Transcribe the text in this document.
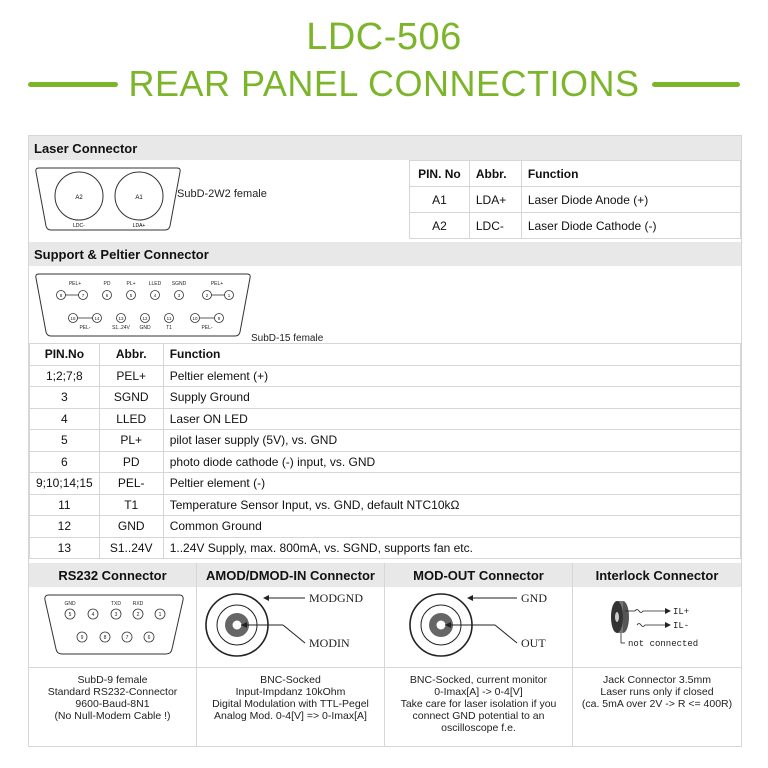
LDC-506
REAR PANEL CONNECTIONS
Laser Connector
A2	A1
LDC-	LDA+
SubD-2W2 female
PIN. No	Abbr.	Function
A1	LDA+	Laser Diode Anode (+)
A2	LDC-	Laser Diode Cathode (-)
Support & Peltier Connector
PEL+	PD	PL+	LLED SGND	PEL+
8	7	6	5	4	3	2	1
15	14	13	12	11	10	9
PEL-	S1..24V GND	T1	PEL-
SubD-15 female
PIN.No	Abbr.	Function
1;2;7;8	PEL+	Peltier element (+)
3	SGND	Supply Ground
4	LLED	Laser ON LED
5	PL+	pilot laser supply (5V), vs. GND
6	PD	photo diode cathode (-) input, vs. GND
9;10;14;15	PEL-	Peltier element (-)
11	T1	Temperature Sensor Input, vs. GND, default NTC10kΩ
12	GND	Common Ground
13	S1..24V	1..24V Supply, max. 800mA, vs. SGND, supports fan etc.
RS232 Connector
GND	TXD RXD
5	4	3	2	1
9	8	7	6
SubD-9 female
Standard RS232-Connector
9600-Baud-8N1
(No Null-Modem Cable !)
AMOD/DMOD-IN Connector
MODGND
MODIN
BNC-Socked
Input-Impdanz 10kOhm
Digital Modulation with TTL-Pegel
Analog Mod. 0-4[V] => 0-Imax[A]
MOD-OUT Connector
GND
OUT
BNC-Socked, current monitor
0-Imax[A] -> 0-4[V]
Take care for laser isolation if you
connect GND potential to an
oscilloscope f.e.
Interlock Connector
IL+
IL-
not connected
Jack Connector 3.5mm
Laser runs only if closed
(ca. 5mA over 2V -> R <= 400R)
